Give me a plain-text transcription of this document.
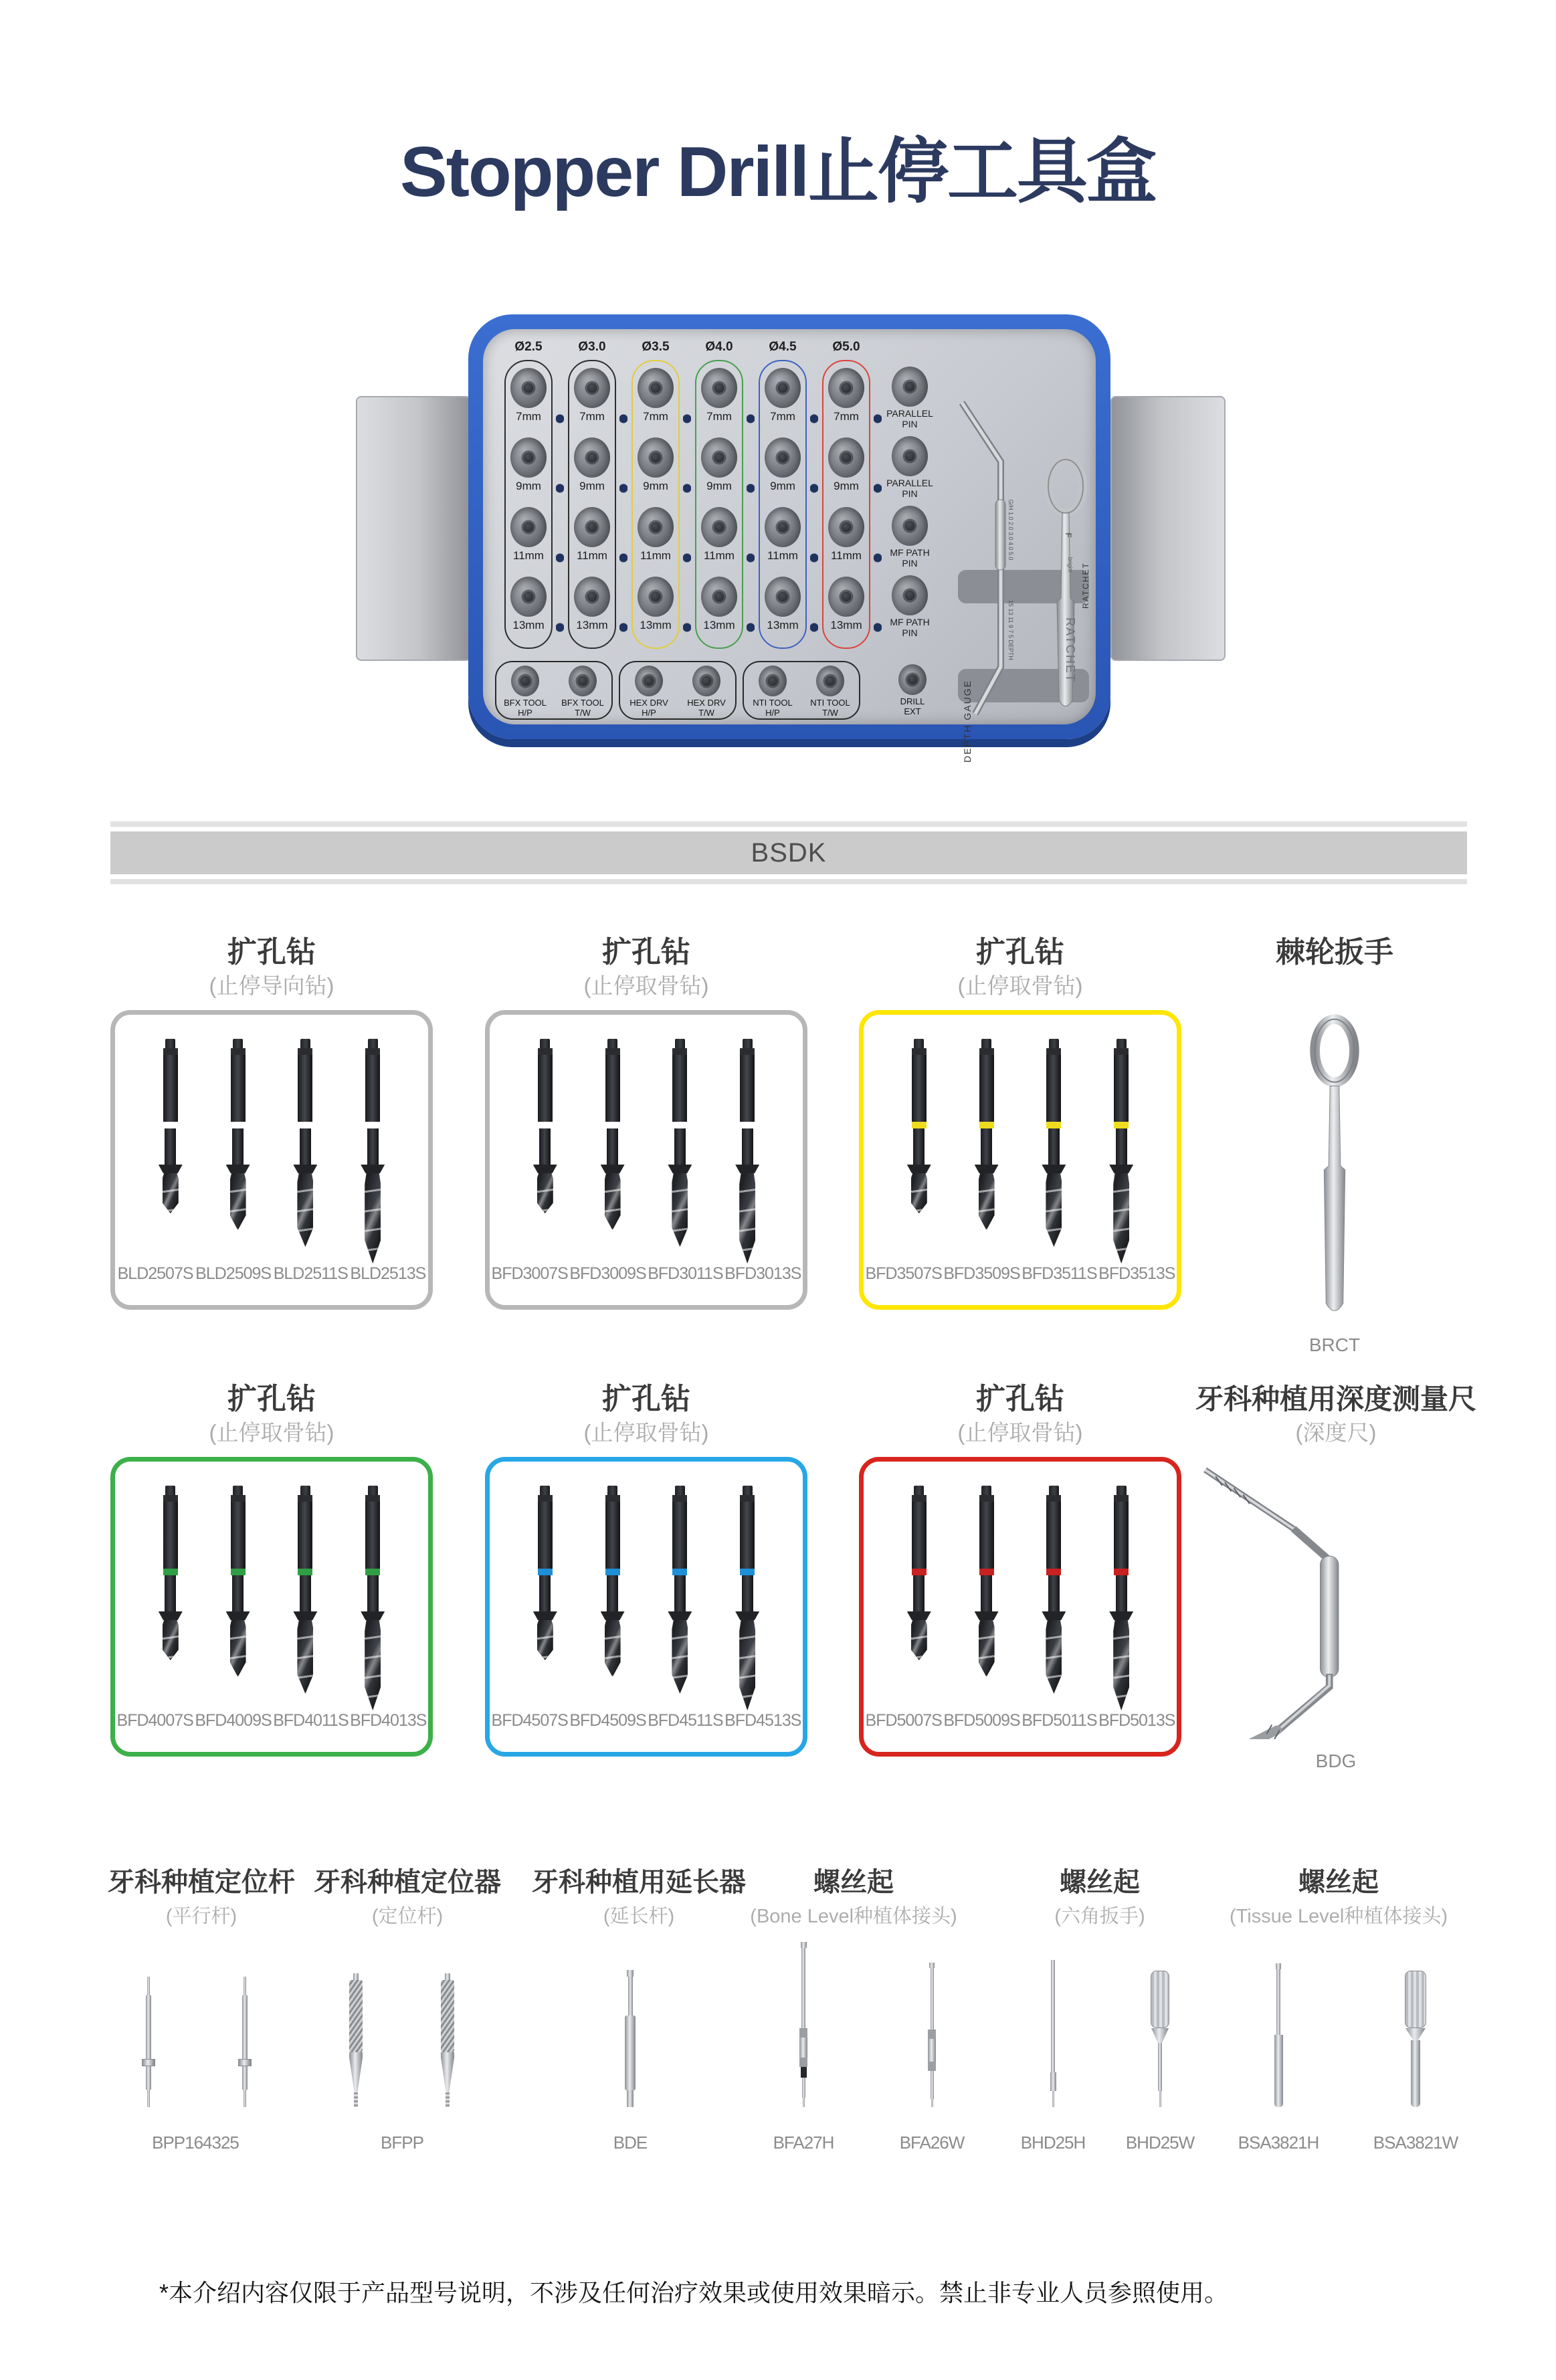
Stopper Drill止停工具盒
Ø2.5
7mm
9mm
11mm
13mm
Ø3.0
7mm
9mm
11mm
13mm
Ø3.5
7mm
9mm
11mm
13mm
Ø4.0
7mm
9mm
11mm
13mm
Ø4.5
7mm
9mm
11mm
13mm
Ø5.0
7mm
9mm
11mm
13mm
PARALLEL
PIN
PARALLEL
PIN
MF PATH
PIN
MF PATH
PIN
BFX TOOL
H/P
BFX TOOL
T/W
HEX DRV
H/P
HEX DRV
T/W
NTI TOOL
H/P
NTI TOOL
T/W
DRILL
EXT
G/H 1.0 2.0 3.0 4.0 5.0
15 13 11 9 7 5 DEPTH
F
bright
RATCHET
DEPTH GAUGE
RATCHET
BSDK
扩孔钻
(止停导向钻)
BLD2507S BLD2509S BLD2511S BLD2513S
扩孔钻
(止停取骨钻)
BFD3007S BFD3009S BFD3011S BFD3013S
扩孔钻
(止停取骨钻)
BFD3507S BFD3509S BFD3511S BFD3513S
棘轮扳手
BRCT
扩孔钻
(止停取骨钻)
BFD4007S BFD4009S BFD4011S BFD4013S
扩孔钻
(止停取骨钻)
BFD4507S BFD4509S BFD4511S BFD4513S
扩孔钻
(止停取骨钻)
BFD5007S BFD5009S BFD5011S BFD5013S
牙科种植用深度测量尺
(深度尺)
BDG
牙科种植定位杆
(平行杆)
牙科种植定位器
(定位杆)
牙科种植用延长器
(延长杆)
螺丝起
(Bone Level种植体接头)
螺丝起
(六角扳手)
螺丝起
(Tissue Level种植体接头)
BPP164325	BFPP	BDE	BFA27H	BFA26W	BHD25H BHD25W	BSA3821H	BSA3821W
*本介绍内容仅限于产品型号说明，不涉及任何治疗效果或使用效果暗示。禁止非专业人员参照使用。
